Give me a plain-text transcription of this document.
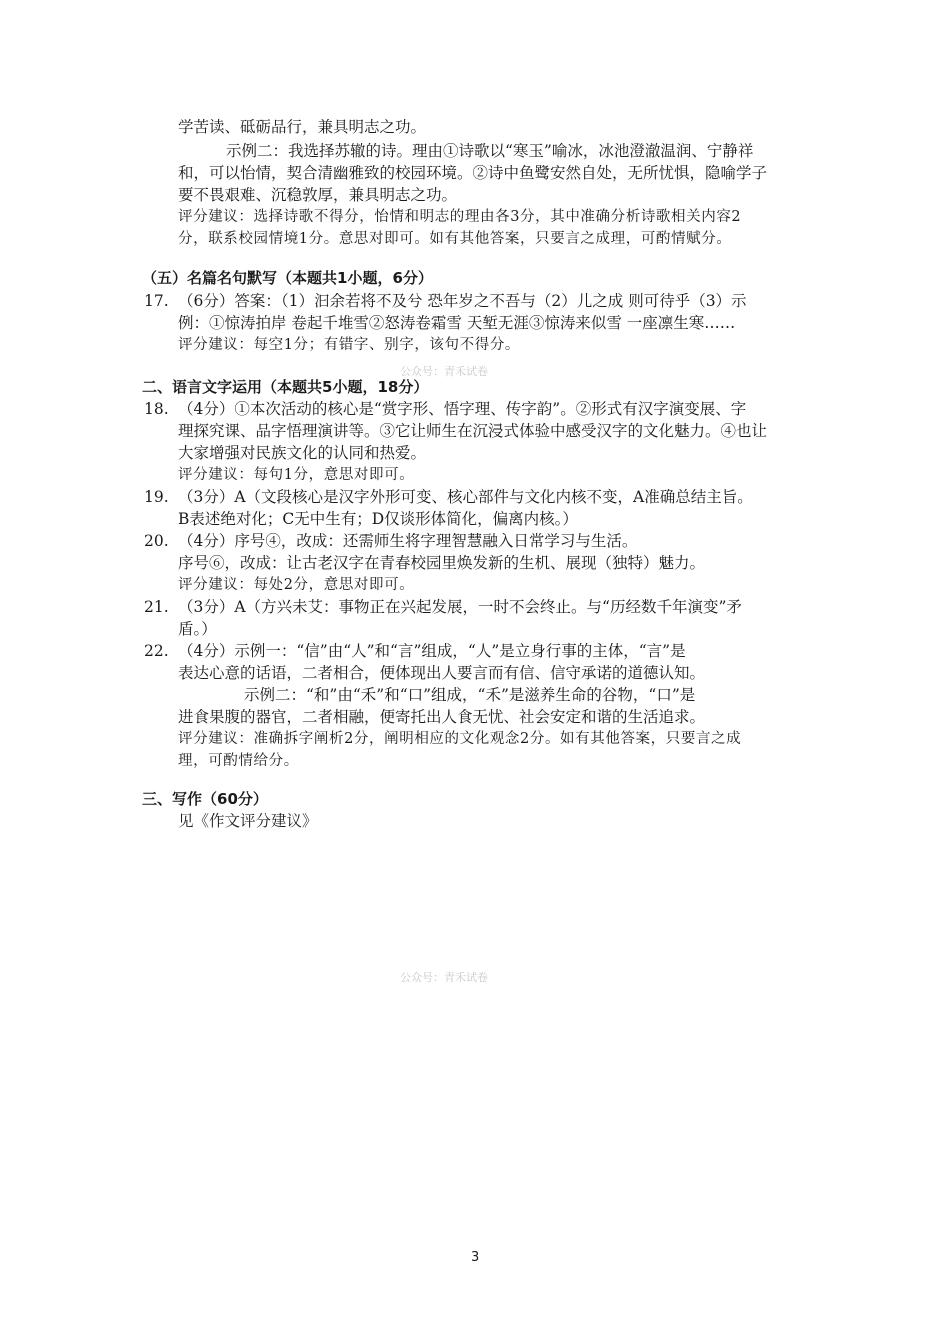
学苦读、砥砺品行，兼具明志之功。
示例二：我选择苏辙的诗。理由①诗歌以“寒玉”喻冰，冰池澄澈温润、宁静祥
和，可以怡情，契合清幽雅致的校园环境。②诗中鱼鹭安然自处，无所忧惧，隐喻学子
要不畏艰难、沉稳敦厚，兼具明志之功。
评分建议：选择诗歌不得分，怡情和明志的理由各3分，其中准确分析诗歌相关内容2
分，联系校园情境1分。意思对即可。如有其他答案，只要言之成理，可酌情赋分。
（五）名篇名句默写（本题共1小题，6分）
17. （6分）答案：（1）汩余若将不及兮 恐年岁之不吾与（2）儿之成 则可待乎（3）示
例：①惊涛拍岸 卷起千堆雪②怒涛卷霜雪 天堑无涯③惊涛来似雪 一座凛生寒……
评分建议：每空1分；有错字、别字，该句不得分。
公众号：青禾试卷
二、语言文字运用（本题共5小题，18分）
18. （4分）①本次活动的核心是“赏字形、悟字理、传字韵”。②形式有汉字演变展、字
理探究课、品字悟理演讲等。③它让师生在沉浸式体验中感受汉字的文化魅力。④也让
大家增强对民族文化的认同和热爱。
评分建议：每句1分，意思对即可。
19. （3分）A（文段核心是汉字外形可变、核心部件与文化内核不变，A准确总结主旨。
B表述绝对化；C无中生有；D仅谈形体简化，偏离内核。）
20. （4分）序号④，改成：还需师生将字理智慧融入日常学习与生活。
序号⑥，改成：让古老汉字在青春校园里焕发新的生机、展现（独特）魅力。
评分建议：每处2分，意思对即可。
21. （3分）A（方兴未艾：事物正在兴起发展，一时不会终止。与“历经数千年演变”矛
盾。）
22. （4分）示例一：“信”由“人”和“言”组成，“人”是立身行事的主体，“言”是
表达心意的话语，二者相合，便体现出人要言而有信、信守承诺的道德认知。
示例二：“和”由“禾”和“口”组成，“禾”是滋养生命的谷物，“口”是
进食果腹的器官，二者相融，便寄托出人食无忧、社会安定和谐的生活追求。
评分建议：准确拆字阐析2分，阐明相应的文化观念2分。如有其他答案，只要言之成
理，可酌情给分。
三、写作（60分）
见《作文评分建议》
公众号：青禾试卷
3
